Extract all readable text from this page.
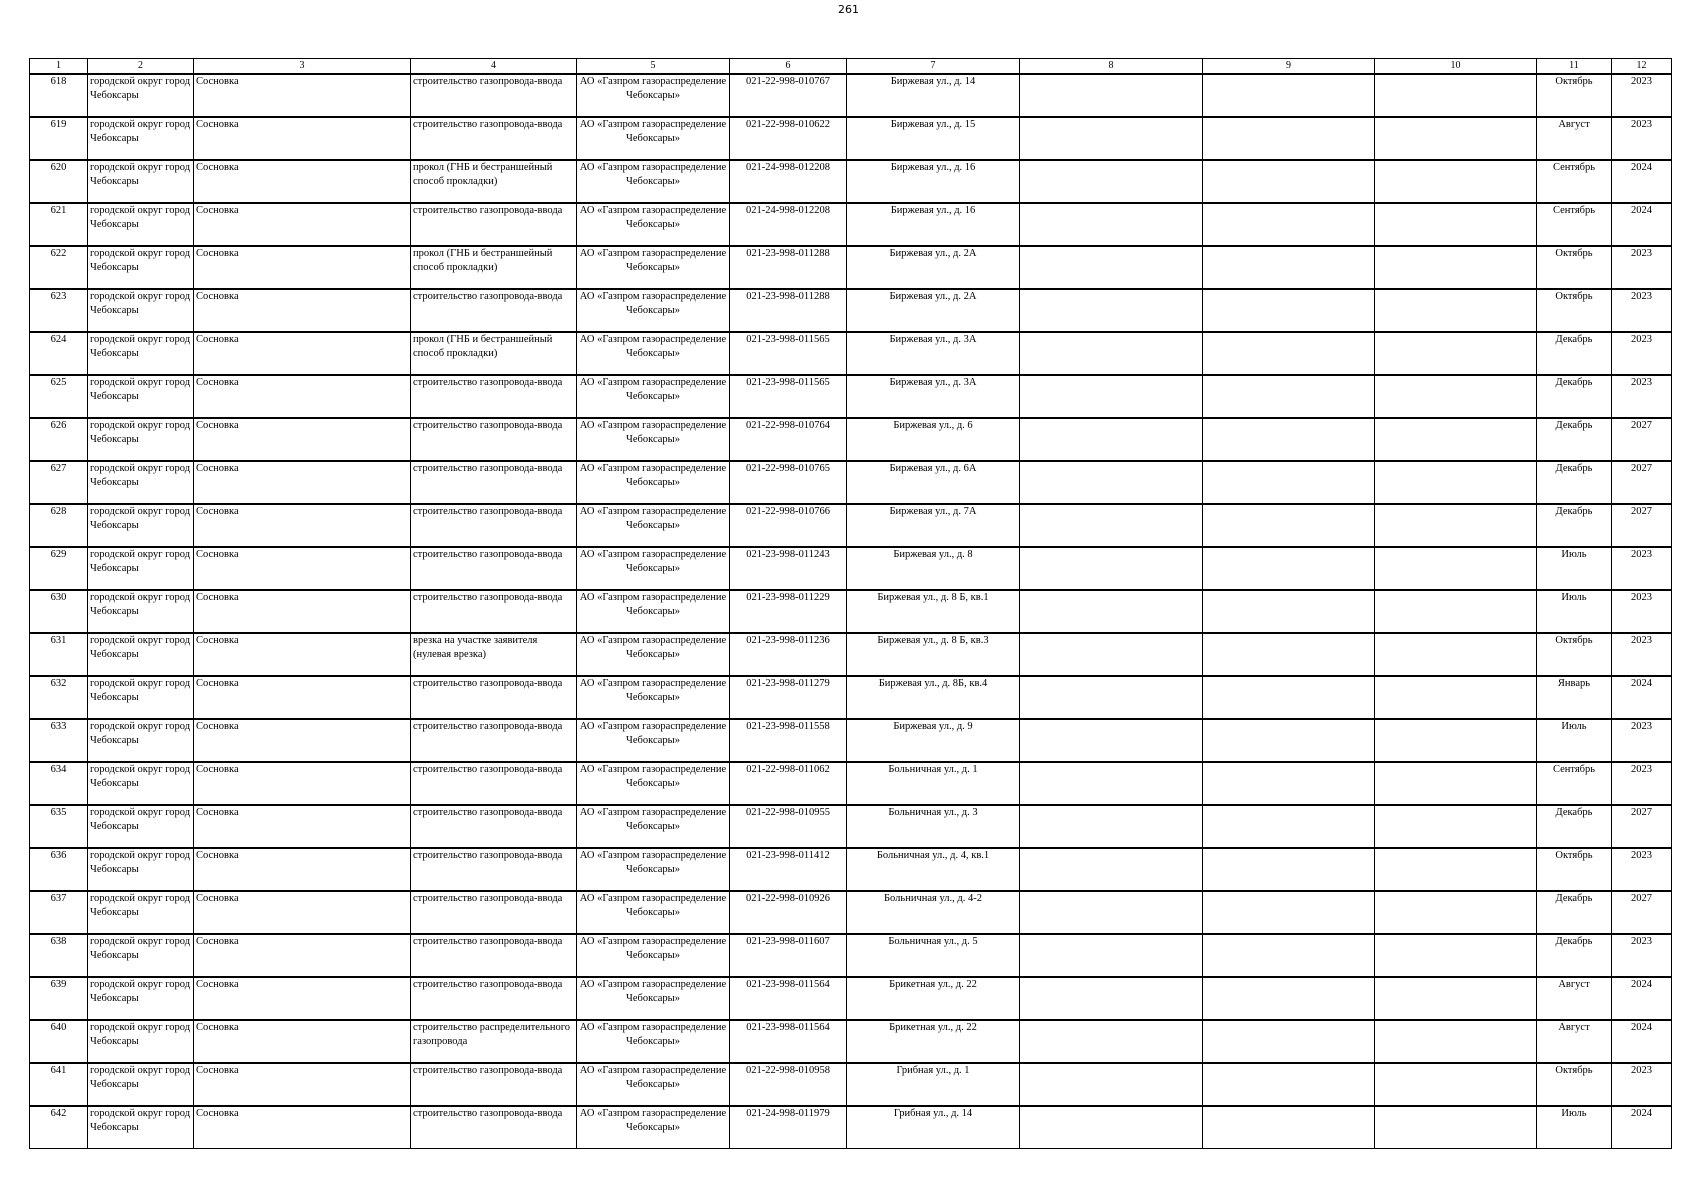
261
1	2	3	4	5	6	7	8	9	10	11	12
618	городской округ город Чебоксары	Сосновка	строительство газопровода-ввода	АО «Газпром газораспределение Чебоксары»	021-22-998-010767	Биржевая ул., д. 14				Октябрь	2023
619	городской округ город Чебоксары	Сосновка	строительство газопровода-ввода	АО «Газпром газораспределение Чебоксары»	021-22-998-010622	Биржевая ул., д. 15				Август	2023
620	городской округ город Чебоксары	Сосновка	прокол (ГНБ и бестраншейный способ прокладки)	АО «Газпром газораспределение Чебоксары»	021-24-998-012208	Биржевая ул., д. 16				Сентябрь	2024
621	городской округ город Чебоксары	Сосновка	строительство газопровода-ввода	АО «Газпром газораспределение Чебоксары»	021-24-998-012208	Биржевая ул., д. 16				Сентябрь	2024
622	городской округ город Чебоксары	Сосновка	прокол (ГНБ и бестраншейный способ прокладки)	АО «Газпром газораспределение Чебоксары»	021-23-998-011288	Биржевая ул., д. 2А				Октябрь	2023
623	городской округ город Чебоксары	Сосновка	строительство газопровода-ввода	АО «Газпром газораспределение Чебоксары»	021-23-998-011288	Биржевая ул., д. 2А				Октябрь	2023
624	городской округ город Чебоксары	Сосновка	прокол (ГНБ и бестраншейный способ прокладки)	АО «Газпром газораспределение Чебоксары»	021-23-998-011565	Биржевая ул., д. 3А				Декабрь	2023
625	городской округ город Чебоксары	Сосновка	строительство газопровода-ввода	АО «Газпром газораспределение Чебоксары»	021-23-998-011565	Биржевая ул., д. 3А				Декабрь	2023
626	городской округ город Чебоксары	Сосновка	строительство газопровода-ввода	АО «Газпром газораспределение Чебоксары»	021-22-998-010764	Биржевая ул., д. 6				Декабрь	2027
627	городской округ город Чебоксары	Сосновка	строительство газопровода-ввода	АО «Газпром газораспределение Чебоксары»	021-22-998-010765	Биржевая ул., д. 6А				Декабрь	2027
628	городской округ город Чебоксары	Сосновка	строительство газопровода-ввода	АО «Газпром газораспределение Чебоксары»	021-22-998-010766	Биржевая ул., д. 7А				Декабрь	2027
629	городской округ город Чебоксары	Сосновка	строительство газопровода-ввода	АО «Газпром газораспределение Чебоксары»	021-23-998-011243	Биржевая ул., д. 8				Июль	2023
630	городской округ город Чебоксары	Сосновка	строительство газопровода-ввода	АО «Газпром газораспределение Чебоксары»	021-23-998-011229	Биржевая ул., д. 8 Б, кв.1				Июль	2023
631	городской округ город Чебоксары	Сосновка	врезка на участке заявителя (нулевая врезка)	АО «Газпром газораспределение Чебоксары»	021-23-998-011236	Биржевая ул., д. 8 Б, кв.3				Октябрь	2023
632	городской округ город Чебоксары	Сосновка	строительство газопровода-ввода	АО «Газпром газораспределение Чебоксары»	021-23-998-011279	Биржевая ул., д. 8Б, кв.4				Январь	2024
633	городской округ город Чебоксары	Сосновка	строительство газопровода-ввода	АО «Газпром газораспределение Чебоксары»	021-23-998-011558	Биржевая ул., д. 9				Июль	2023
634	городской округ город Чебоксары	Сосновка	строительство газопровода-ввода	АО «Газпром газораспределение Чебоксары»	021-22-998-011062	Больничная ул., д. 1				Сентябрь	2023
635	городской округ город Чебоксары	Сосновка	строительство газопровода-ввода	АО «Газпром газораспределение Чебоксары»	021-22-998-010955	Больничная ул., д. 3				Декабрь	2027
636	городской округ город Чебоксары	Сосновка	строительство газопровода-ввода	АО «Газпром газораспределение Чебоксары»	021-23-998-011412	Больничная ул., д. 4, кв.1				Октябрь	2023
637	городской округ город Чебоксары	Сосновка	строительство газопровода-ввода	АО «Газпром газораспределение Чебоксары»	021-22-998-010926	Больничная ул., д. 4-2				Декабрь	2027
638	городской округ город Чебоксары	Сосновка	строительство газопровода-ввода	АО «Газпром газораспределение Чебоксары»	021-23-998-011607	Больничная ул., д. 5				Декабрь	2023
639	городской округ город Чебоксары	Сосновка	строительство газопровода-ввода	АО «Газпром газораспределение Чебоксары»	021-23-998-011564	Брикетная ул., д. 22				Август	2024
640	городской округ город Чебоксары	Сосновка	строительство распределительного газопровода	АО «Газпром газораспределение Чебоксары»	021-23-998-011564	Брикетная ул., д. 22				Август	2024
641	городской округ город Чебоксары	Сосновка	строительство газопровода-ввода	АО «Газпром газораспределение Чебоксары»	021-22-998-010958	Грибная ул., д. 1				Октябрь	2023
642	городской округ город Чебоксары	Сосновка	строительство газопровода-ввода	АО «Газпром газораспределение Чебоксары»	021-24-998-011979	Грибная ул., д. 14				Июль	2024
